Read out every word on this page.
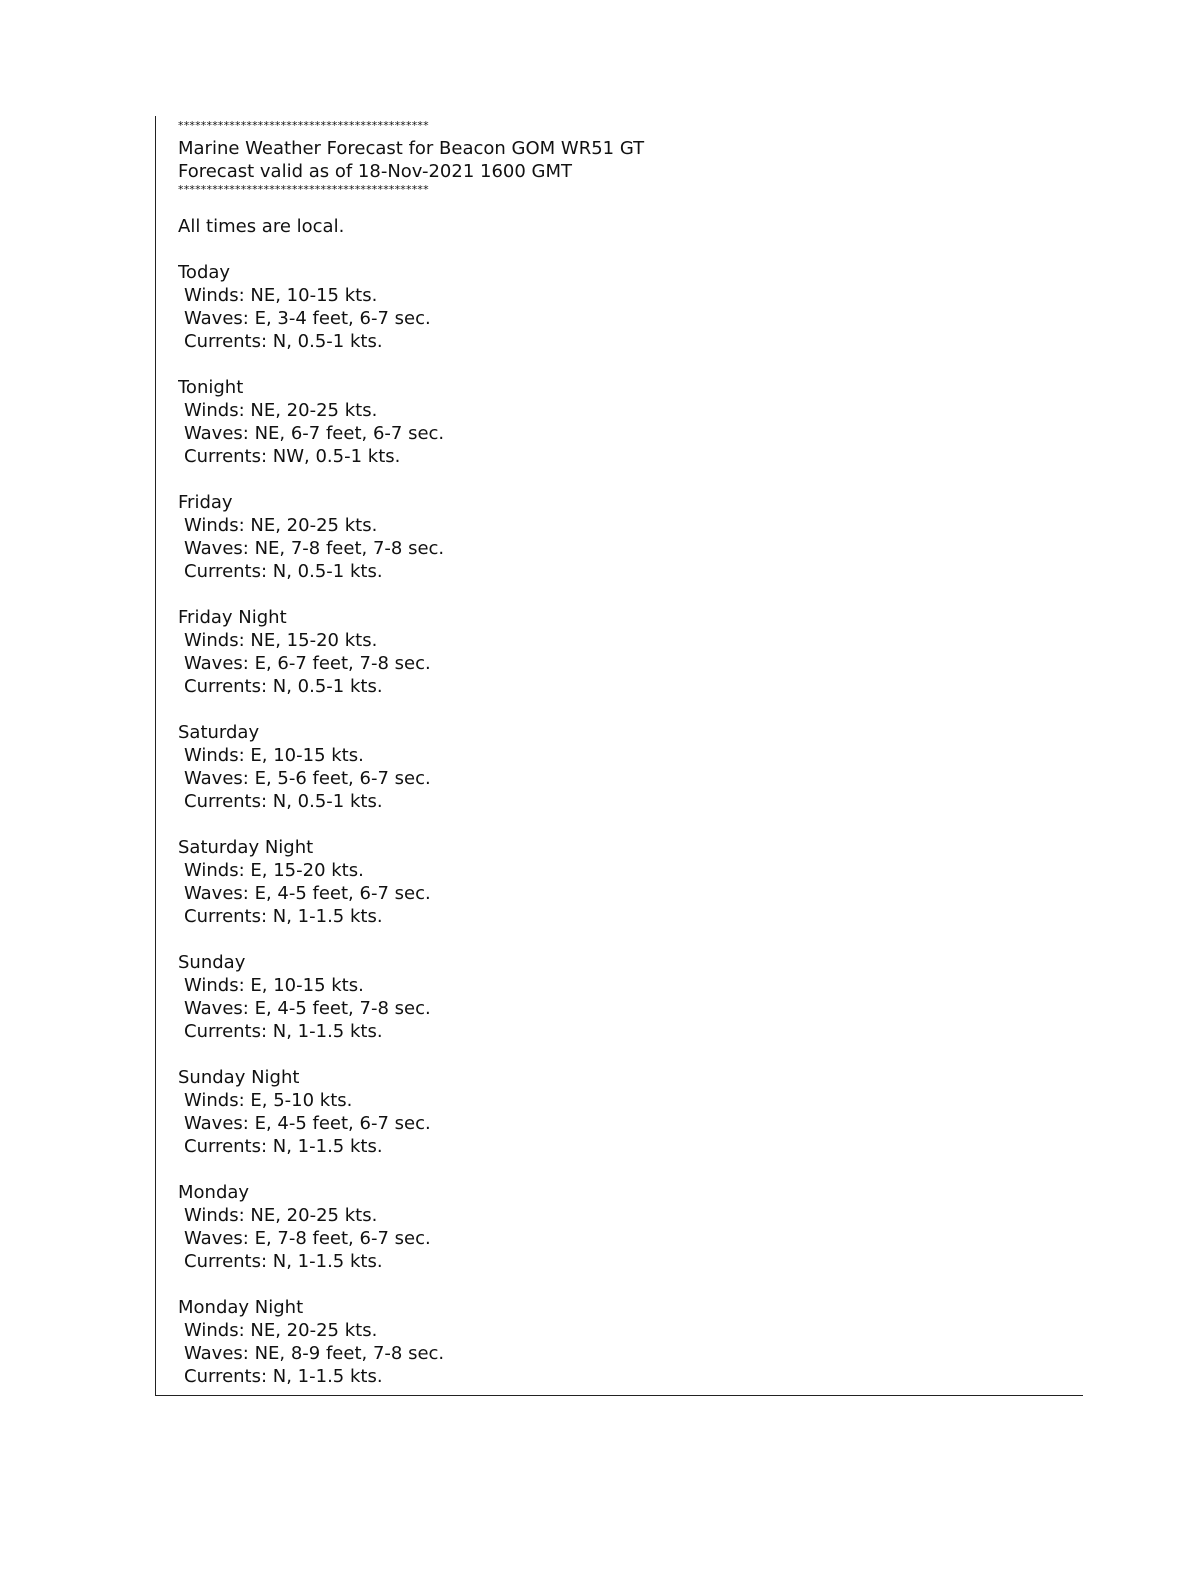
********************************************
Marine Weather Forecast for Beacon GOM WR51 GT
Forecast valid as of 18-Nov-2021 1600 GMT
********************************************
All times are local.
Today
Winds: NE, 10-15 kts.
Waves: E, 3-4 feet, 6-7 sec.
Currents: N, 0.5-1 kts.
Tonight
Winds: NE, 20-25 kts.
Waves: NE, 6-7 feet, 6-7 sec.
Currents: NW, 0.5-1 kts.
Friday
Winds: NE, 20-25 kts.
Waves: NE, 7-8 feet, 7-8 sec.
Currents: N, 0.5-1 kts.
Friday Night
Winds: NE, 15-20 kts.
Waves: E, 6-7 feet, 7-8 sec.
Currents: N, 0.5-1 kts.
Saturday
Winds: E, 10-15 kts.
Waves: E, 5-6 feet, 6-7 sec.
Currents: N, 0.5-1 kts.
Saturday Night
Winds: E, 15-20 kts.
Waves: E, 4-5 feet, 6-7 sec.
Currents: N, 1-1.5 kts.
Sunday
Winds: E, 10-15 kts.
Waves: E, 4-5 feet, 7-8 sec.
Currents: N, 1-1.5 kts.
Sunday Night
Winds: E, 5-10 kts.
Waves: E, 4-5 feet, 6-7 sec.
Currents: N, 1-1.5 kts.
Monday
Winds: NE, 20-25 kts.
Waves: E, 7-8 feet, 6-7 sec.
Currents: N, 1-1.5 kts.
Monday Night
Winds: NE, 20-25 kts.
Waves: NE, 8-9 feet, 7-8 sec.
Currents: N, 1-1.5 kts.
